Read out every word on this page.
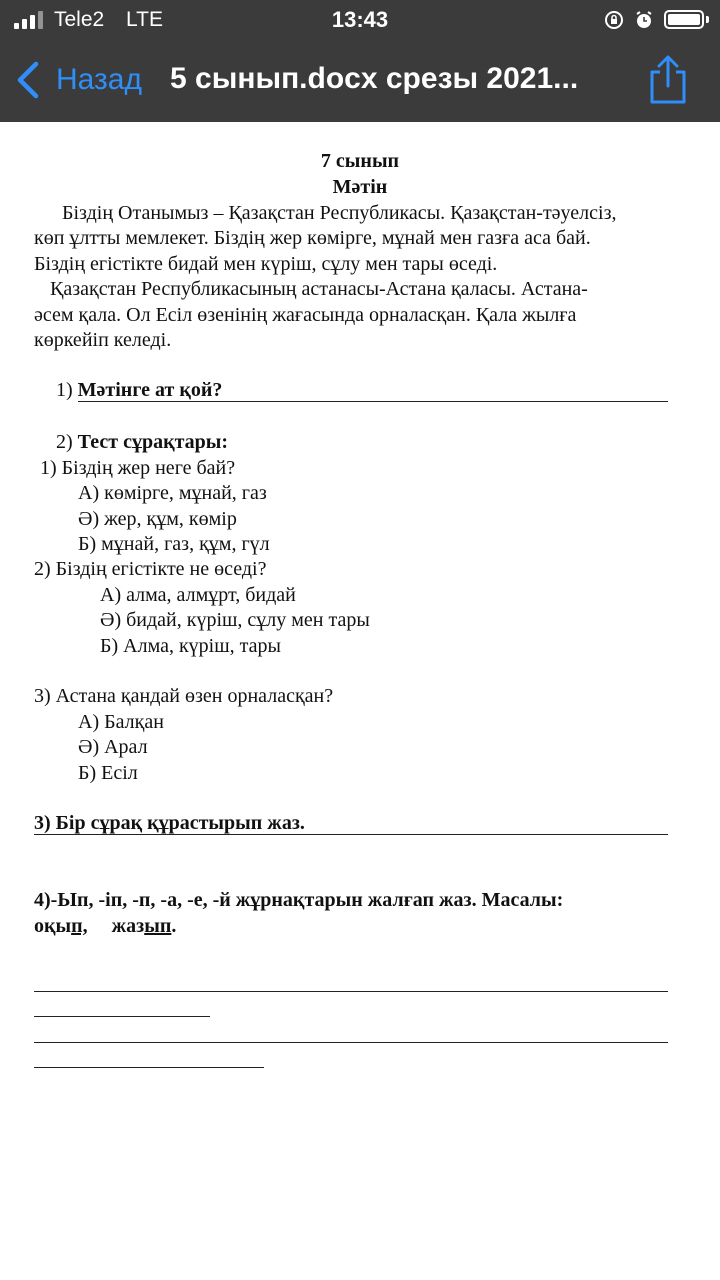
Tele2 LTE	13:43
Назад 5 сынып.docx срезы 2021...
7 сынып
Мәтін
Біздің Отанымыз – Қазақстан Республикасы. Қазақстан-тәуелсіз,
көп ұлтты мемлекет. Біздің жер көмірге, мұнай мен газға аса бай.
Біздің егістікте бидай мен күріш, сұлу мен тары өседі.
Қазақстан Республикасының астанасы-Астана қаласы. Астана-
әсем қала. Ол Есіл өзенінің жағасында орналасқан. Қала жылға
көркейіп келеді.
1) Мәтінге ат қой?
2) Тест сұрақтары:
1) Біздің жер неге бай?
А) көмірге, мұнай, газ
Ә) жер, құм, көмір
Б) мұнай, газ, құм, гүл
2) Біздің егістікте не өседі?
А) алма, алмұрт, бидай
Ә) бидай, күріш, сұлу мен тары
Б) Алма, күріш, тары
3) Астана қандай өзен орналасқан?
А) Балқан
Ә) Арал
Б) Есіл
3) Бір сұрақ құрастырып жаз.
4)-Ып, -іп, -п, -а, -е, -й жұрнақтарын жалғап жаз. Масалы:
оқып, жазып.
